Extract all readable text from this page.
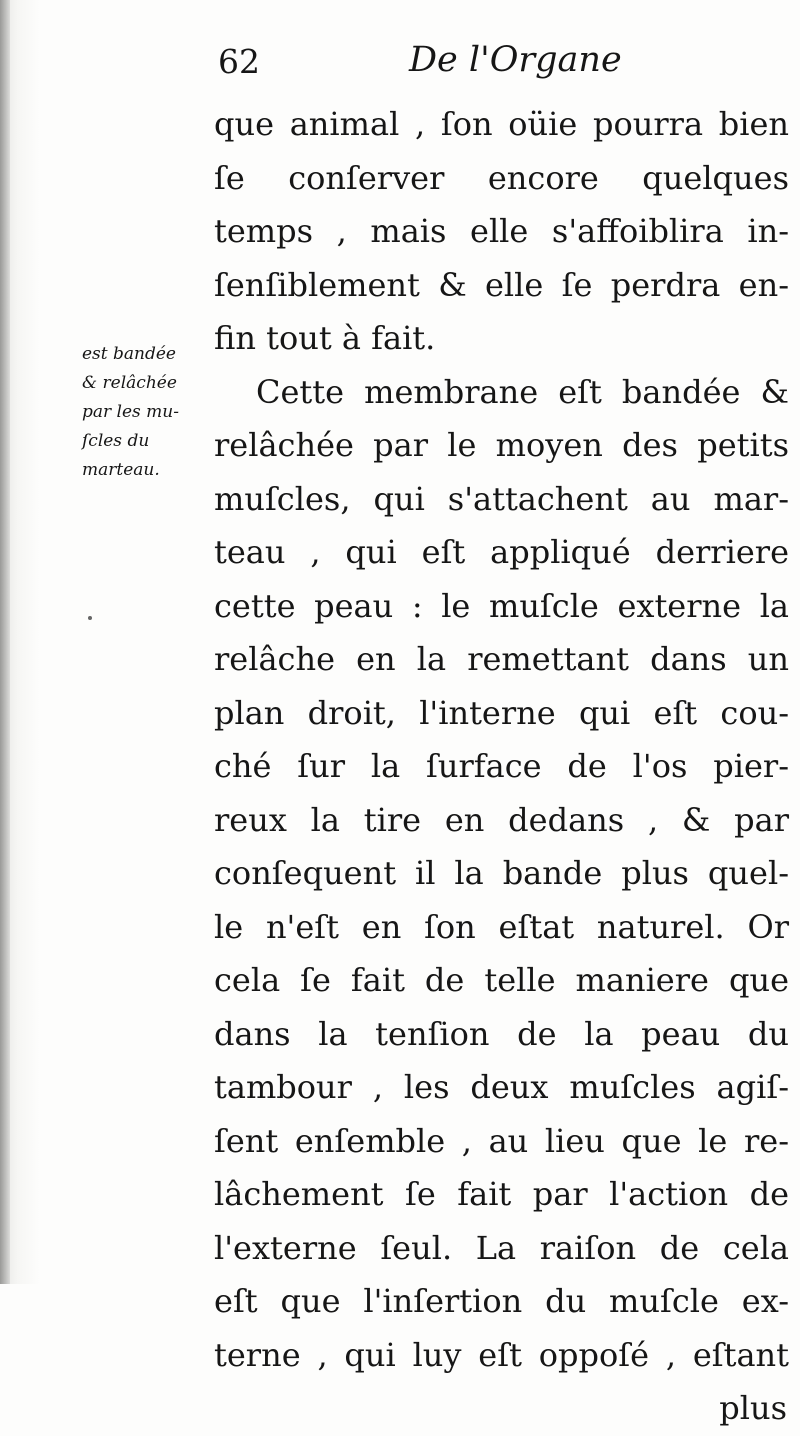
62	De l'Organe
est bandée
& relâchée
par les mu-
ſcles du
marteau.
que animal , ſon oüie pourra bien
ſe conſerver encore quelques
temps , mais elle s'affoiblira in-
ſenſiblement & elle ſe perdra en-
fin tout à fait.
Cette membrane eſt bandée &
relâchée par le moyen des petits
muſcles, qui s'attachent au mar-
teau , qui eſt appliqué derriere
cette peau : le muſcle externe la
relâche en la remettant dans un
plan droit, l'interne qui eſt cou-
ché ſur la ſurface de l'os pier-
reux la tire en dedans , & par
conſequent il la bande plus quel-
le n'eſt en ſon eſtat naturel. Or
cela ſe fait de telle maniere que
dans la tenſion de la peau du
tambour , les deux muſcles agiſ-
ſent enſemble , au lieu que le re-
lâchement ſe fait par l'action de
l'externe ſeul. La raiſon de cela
eſt que l'inſertion du muſcle ex-
terne , qui luy eſt oppoſé , eſtant
plus
